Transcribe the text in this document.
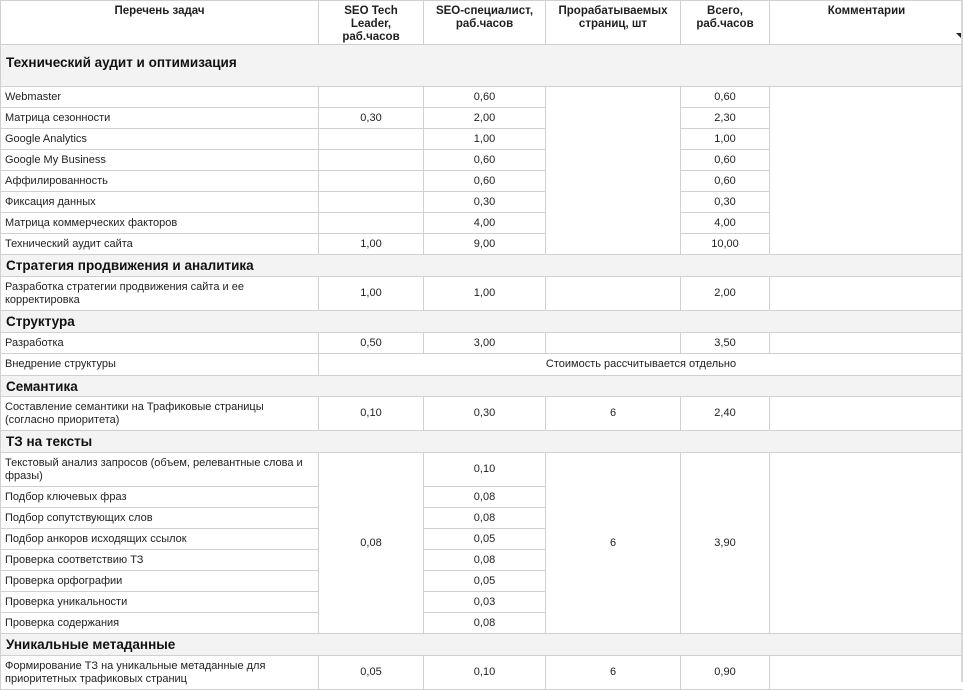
Перечень задач	SEO Tech Leader, раб.часов	SEO-специалист, раб.часов	Прорабатываемых страниц, шт	Всего, раб.часов	Комментарии
Технический аудит и оптимизация					
Webmaster		0,60		0,60	
Матрица сезонности	0,30	2,00		2,30	
Google Analytics		1,00		1,00	
Google My Business		0,60		0,60	
Аффилированность		0,60		0,60	
Фиксация данных		0,30		0,30	
Матрица коммерческих факторов		4,00		4,00	
Технический аудит сайта	1,00	9,00		10,00	
Стратегия продвижения и аналитика					
Разработка стратегии продвижения сайта и ее корректировка	1,00	1,00		2,00	
Структура					
Разработка	0,50	3,00		3,50	
Внедрение структуры	Стоимость рассчитывается отдельно				
Семантика					
Составление семантики на Трафиковые страницы (согласно приоритета)	0,10	0,30	6	2,40	
ТЗ на тексты					
Текстовый анализ запросов (объем, релевантные слова и фразы)	0,08	0,10	6	3,90	
Подбор ключевых фраз		0,08			
Подбор сопутствующих слов		0,08			
Подбор анкоров исходящих ссылок		0,05			
Проверка соответствию ТЗ		0,08			
Проверка орфографии		0,05			
Проверка уникальности		0,03			
Проверка содержания		0,08			
Уникальные метаданные					
Формирование ТЗ на уникальные метаданные для приоритетных трафиковых страниц	0,05	0,10	6	0,90	
